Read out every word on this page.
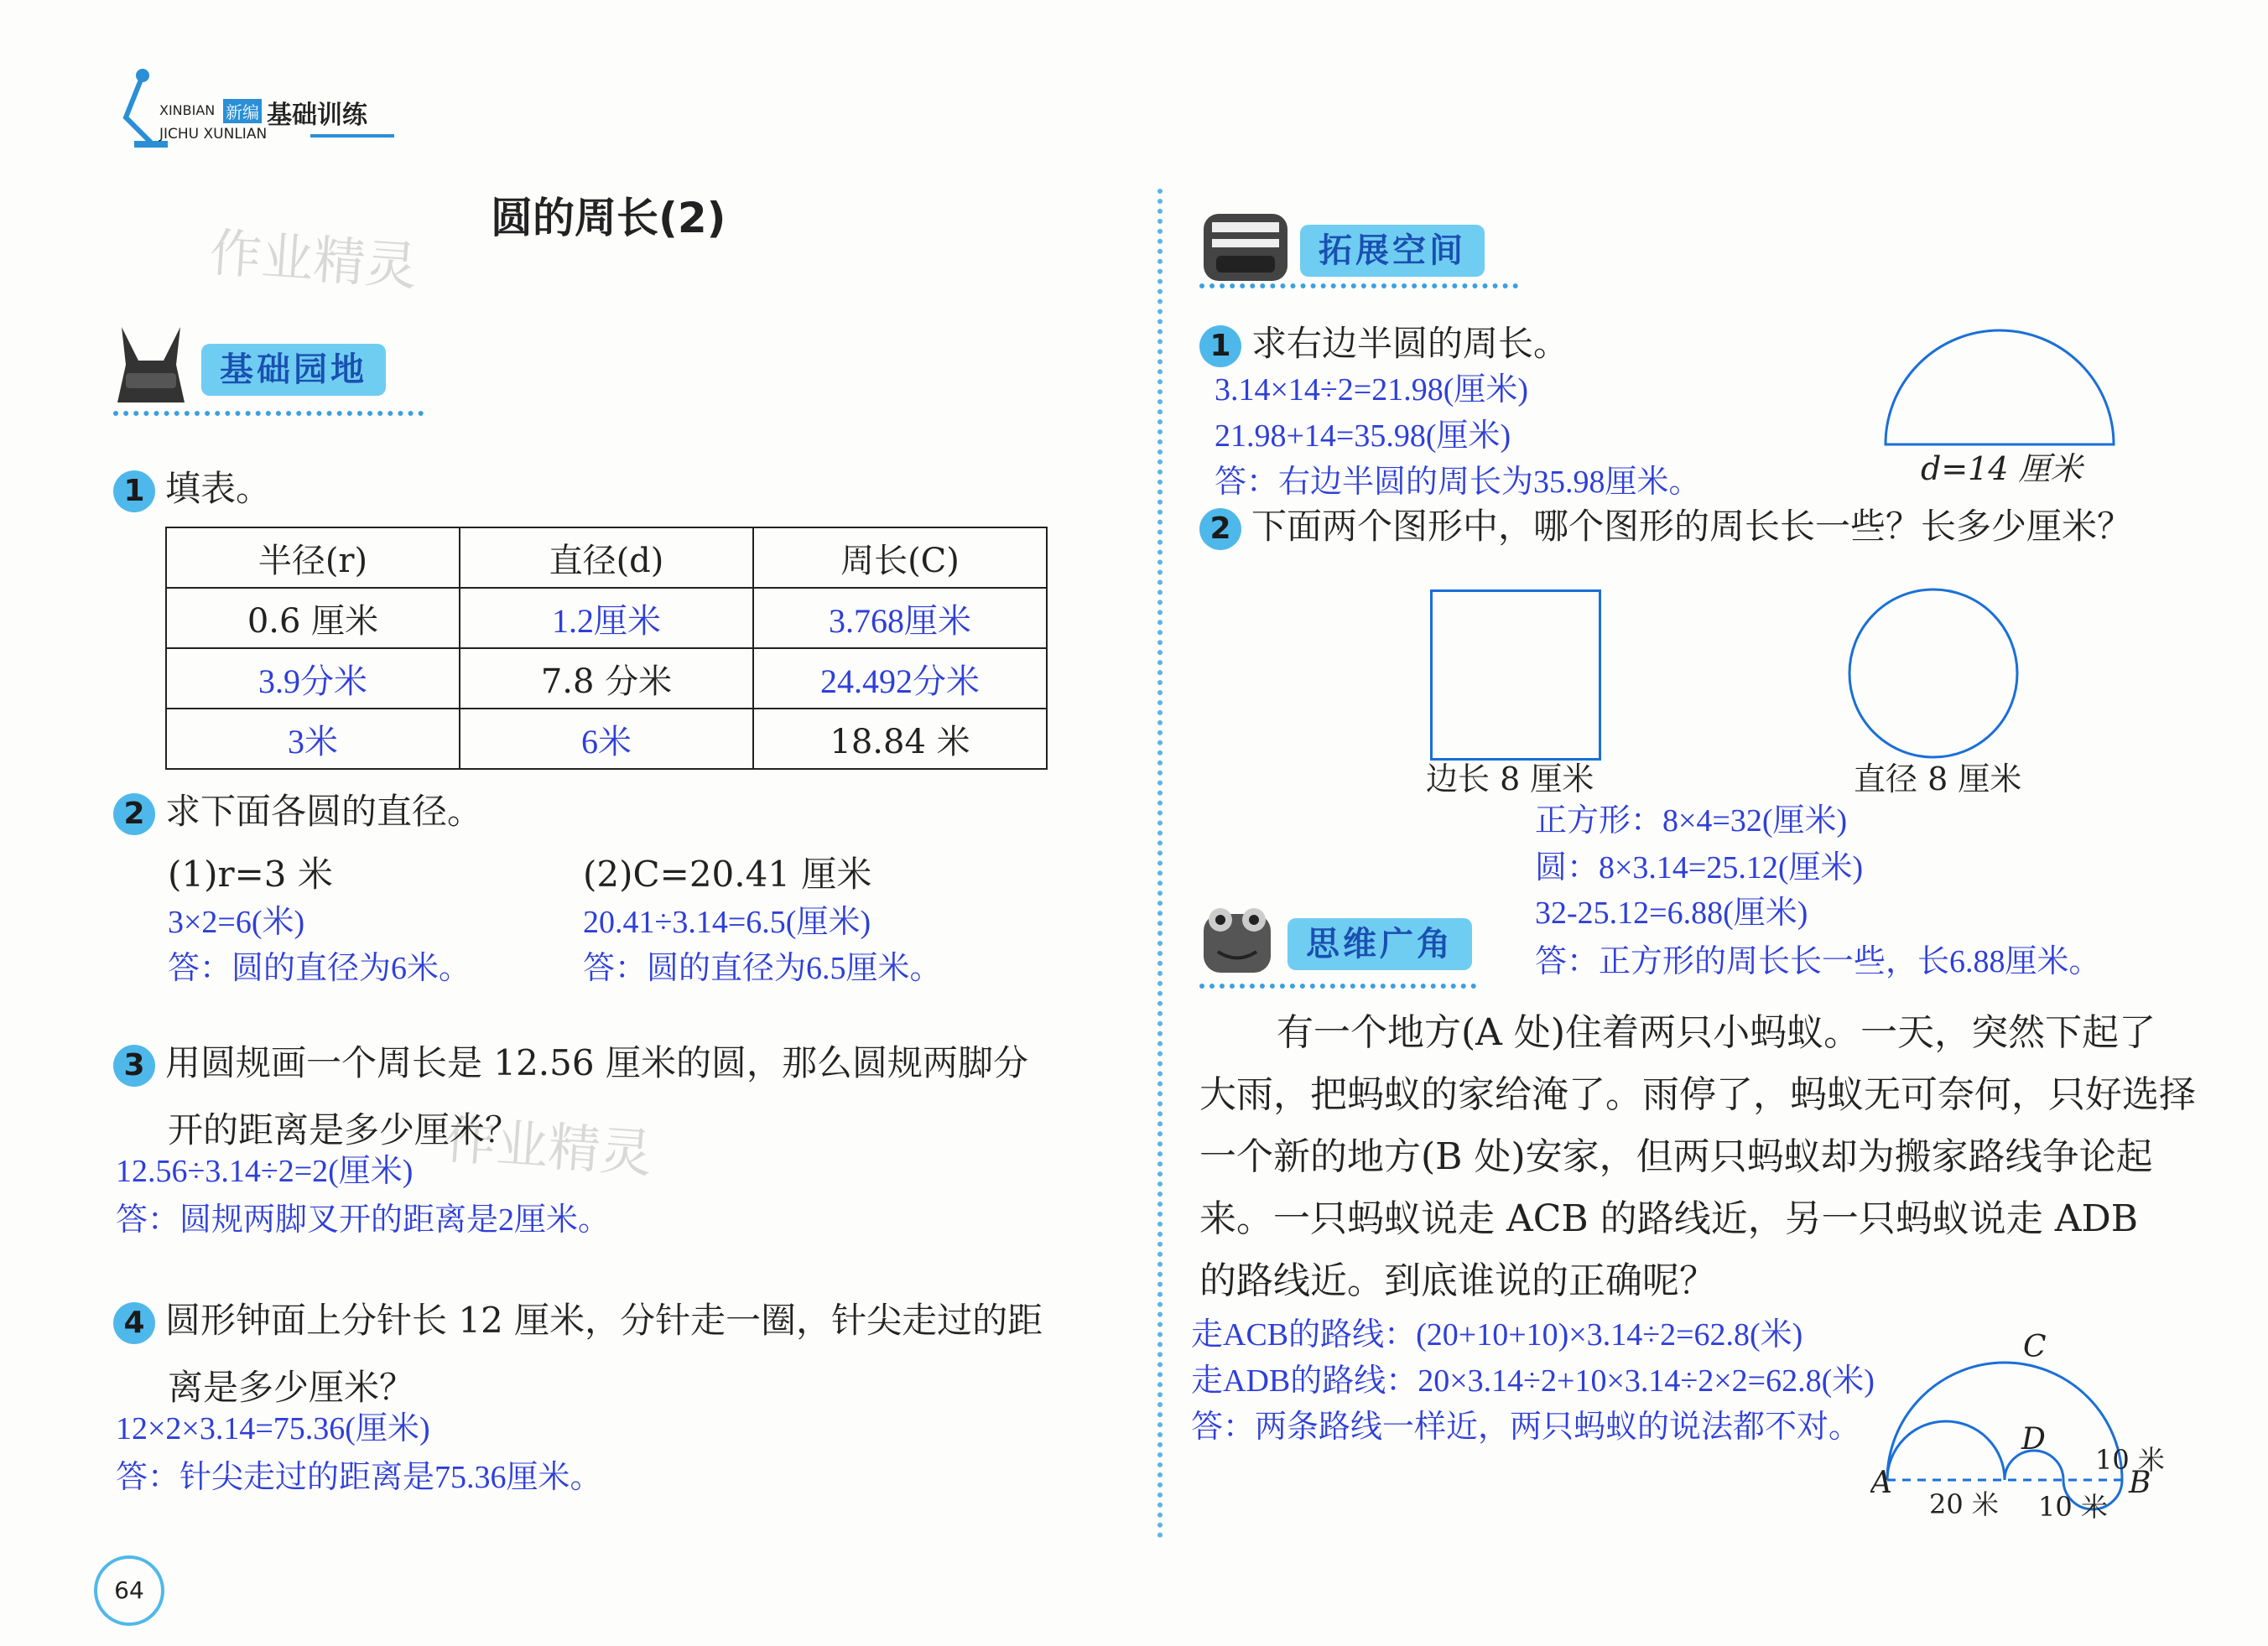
XINBIAN 新编 基础训练
JICHU XUNLIAN
作业精灵
作业精灵
圆的周长(2)
基础园地
1 填表。
半径(r)	直径(d)	周长(C)
0.6 厘米	1.2厘米	3.768厘米
3.9分米	7.8 分米	24.492分米
3米	6米	18.84 米
2 求下面各圆的直径。
(1)r=3 米
3×2=6(米)
答：圆的直径为6米。
(2)C=20.41 厘米
20.41÷3.14=6.5(厘米)
答：圆的直径为6.5厘米。
3 用圆规画一个周长是 12.56 厘米的圆，那么圆规两脚分
开的距离是多少厘米？
12.56÷3.14÷2=2(厘米)
答：圆规两脚叉开的距离是2厘米。
4 圆形钟面上分针长 12 厘米，分针走一圈，针尖走过的距
离是多少厘米？
12×2×3.14=75.36(厘米)
答：针尖走过的距离是75.36厘米。
64
拓展空间
1 求右边半圆的周长。
3.14×14÷2=21.98(厘米)
21.98+14=35.98(厘米)
答：右边半圆的周长为35.98厘米。	d=14 厘米
2 下面两个图形中，哪个图形的周长长一些？长多少厘米？
边长 8 厘米	直径 8 厘米
正方形：8×4=32(厘米)
圆：8×3.14=25.12(厘米)
32-25.12=6.88(厘米)
答：正方形的周长长一些，长6.88厘米。
思维广角
有一个地方(A 处)住着两只小蚂蚁。一天，突然下起了
大雨，把蚂蚁的家给淹了。雨停了，蚂蚁无可奈何，只好选择
一个新的地方(B 处)安家，但两只蚂蚁却为搬家路线争论起
来。一只蚂蚁说走 ACB 的路线近，另一只蚂蚁说走 ADB
的路线近。到底谁说的正确呢？
走ACB的路线：(20+10+10)×3.14÷2=62.8(米)
走ADB的路线：20×3.14÷2+10×3.14÷2×2=62.8(米)
答：两条路线一样近，两只蚂蚁的说法都不对。
C
D
A	B
20 米 10 米
10 米
